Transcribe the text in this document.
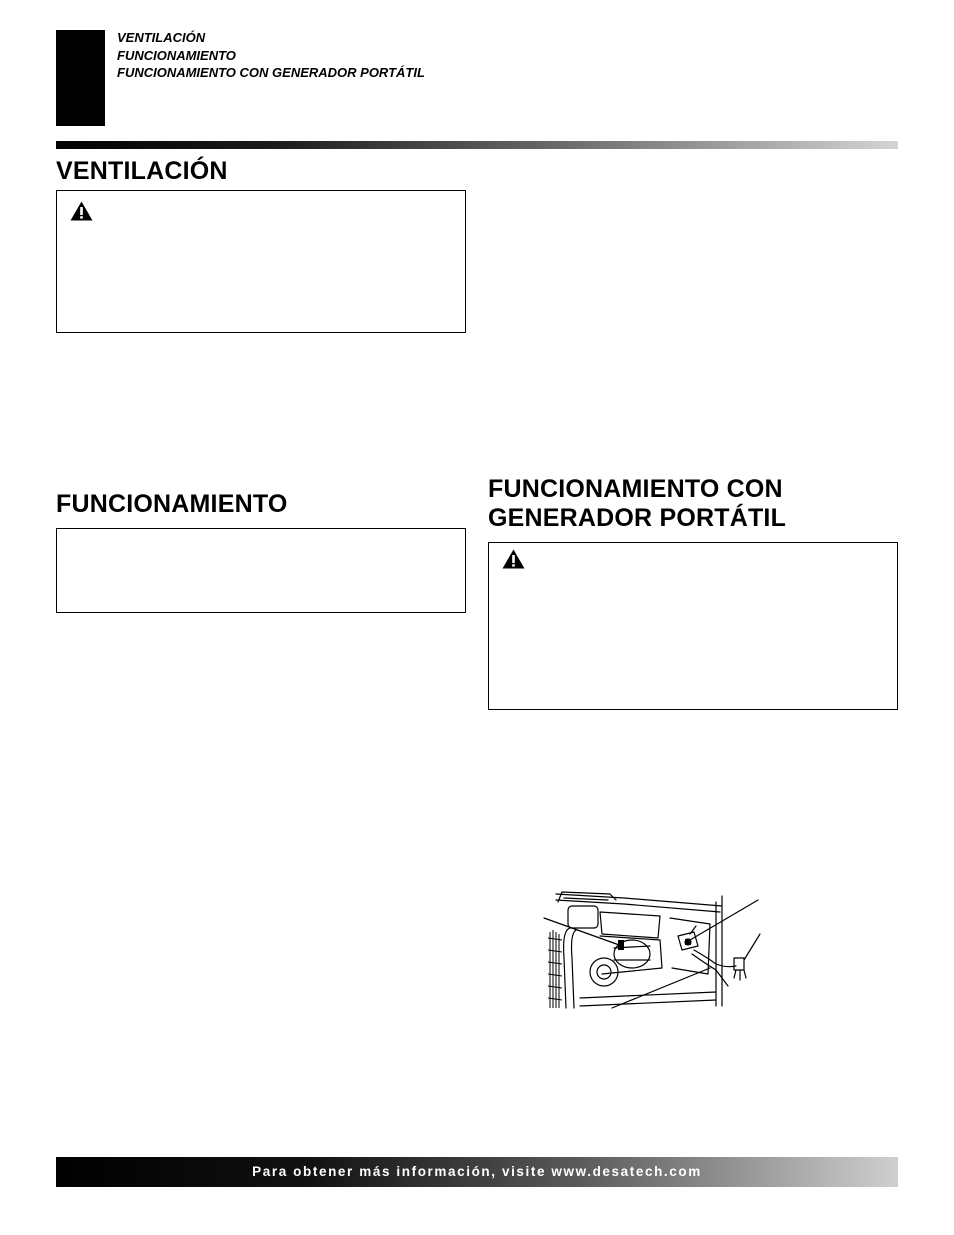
VENTILACIÓN
FUNCIONAMIENTO
FUNCIONAMIENTO CON GENERADOR PORTÁTIL
VENTILACIÓN
FUNCIONAMIENTO
FUNCIONAMIENTO CON
GENERADOR PORTÁTIL
Para obtener más información, visite www.desatech.com
